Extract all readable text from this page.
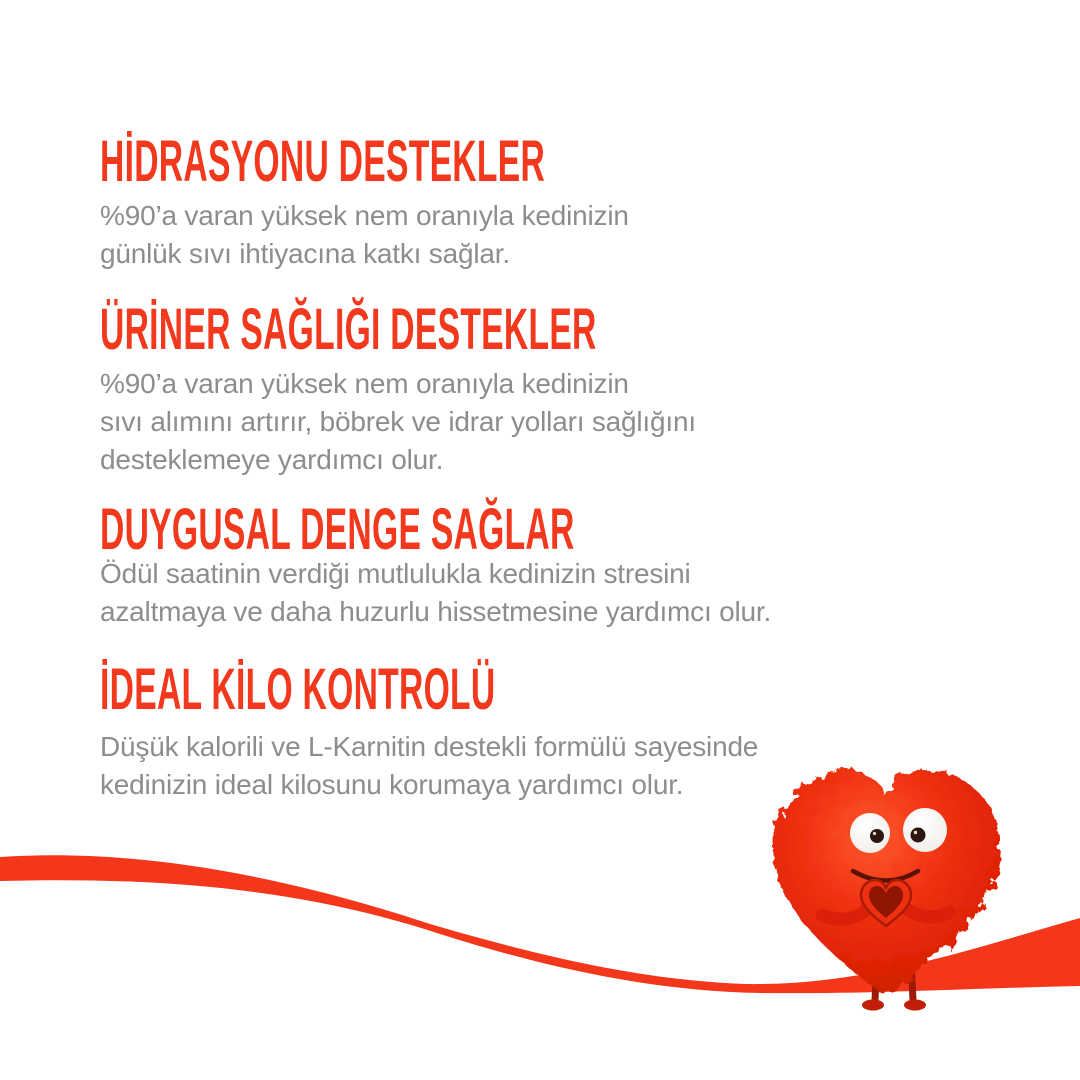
HİDRASYONU DESTEKLER
%90’a varan yüksek nem oranıyla kedinizin
günlük sıvı ihtiyacına katkı sağlar.
ÜRİNER SAĞLIĞI DESTEKLER
%90’a varan yüksek nem oranıyla kedinizin
sıvı alımını artırır, böbrek ve idrar yolları sağlığını
desteklemeye yardımcı olur.
DUYGUSAL DENGE SAĞLAR
Ödül saatinin verdiği mutlulukla kedinizin stresini
azaltmaya ve daha huzurlu hissetmesine yardımcı olur.
İDEAL KİLO KONTROLÜ
Düşük kalorili ve L-Karnitin destekli formülü sayesinde
kedinizin ideal kilosunu korumaya yardımcı olur.
